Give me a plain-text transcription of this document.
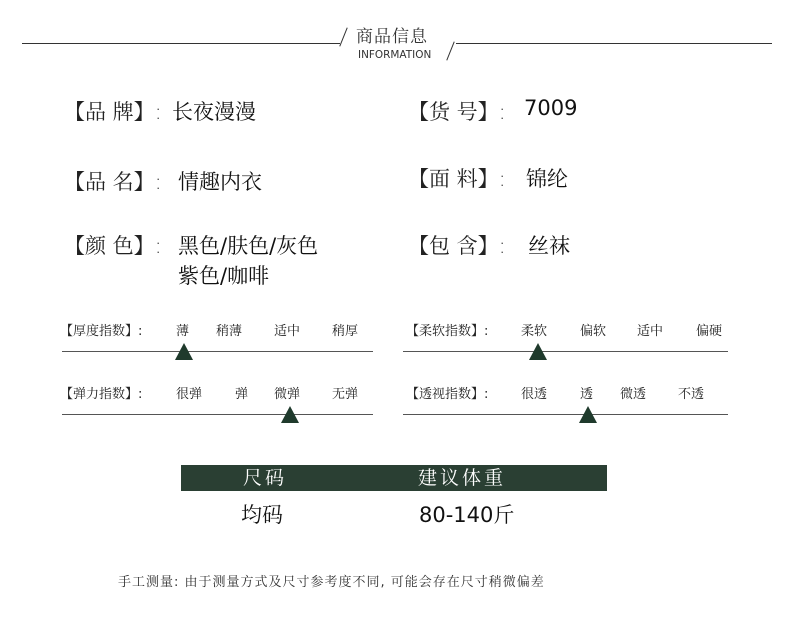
商品信息
INFORMATION
【品 牌】: 长夜漫漫	【货 号】: 7009
【品 名】: 情趣内衣	【面 料】: 锦纶
【颜 色】: 黑色/肤色/灰色
紫色/咖啡
【包 含】: 丝袜
【厚度指数】:	薄 稍薄 适中 稍厚	【柔软指数】:	柔软	偏软 适中	偏硬
【弹力指数】:	很弹	弹 微弹 无弹	【透视指数】:	很透	透 微透 不透
尺码	建议体重
均码	80-140斤
手工测量: 由于测量方式及尺寸参考度不同, 可能会存在尺寸稍微偏差
